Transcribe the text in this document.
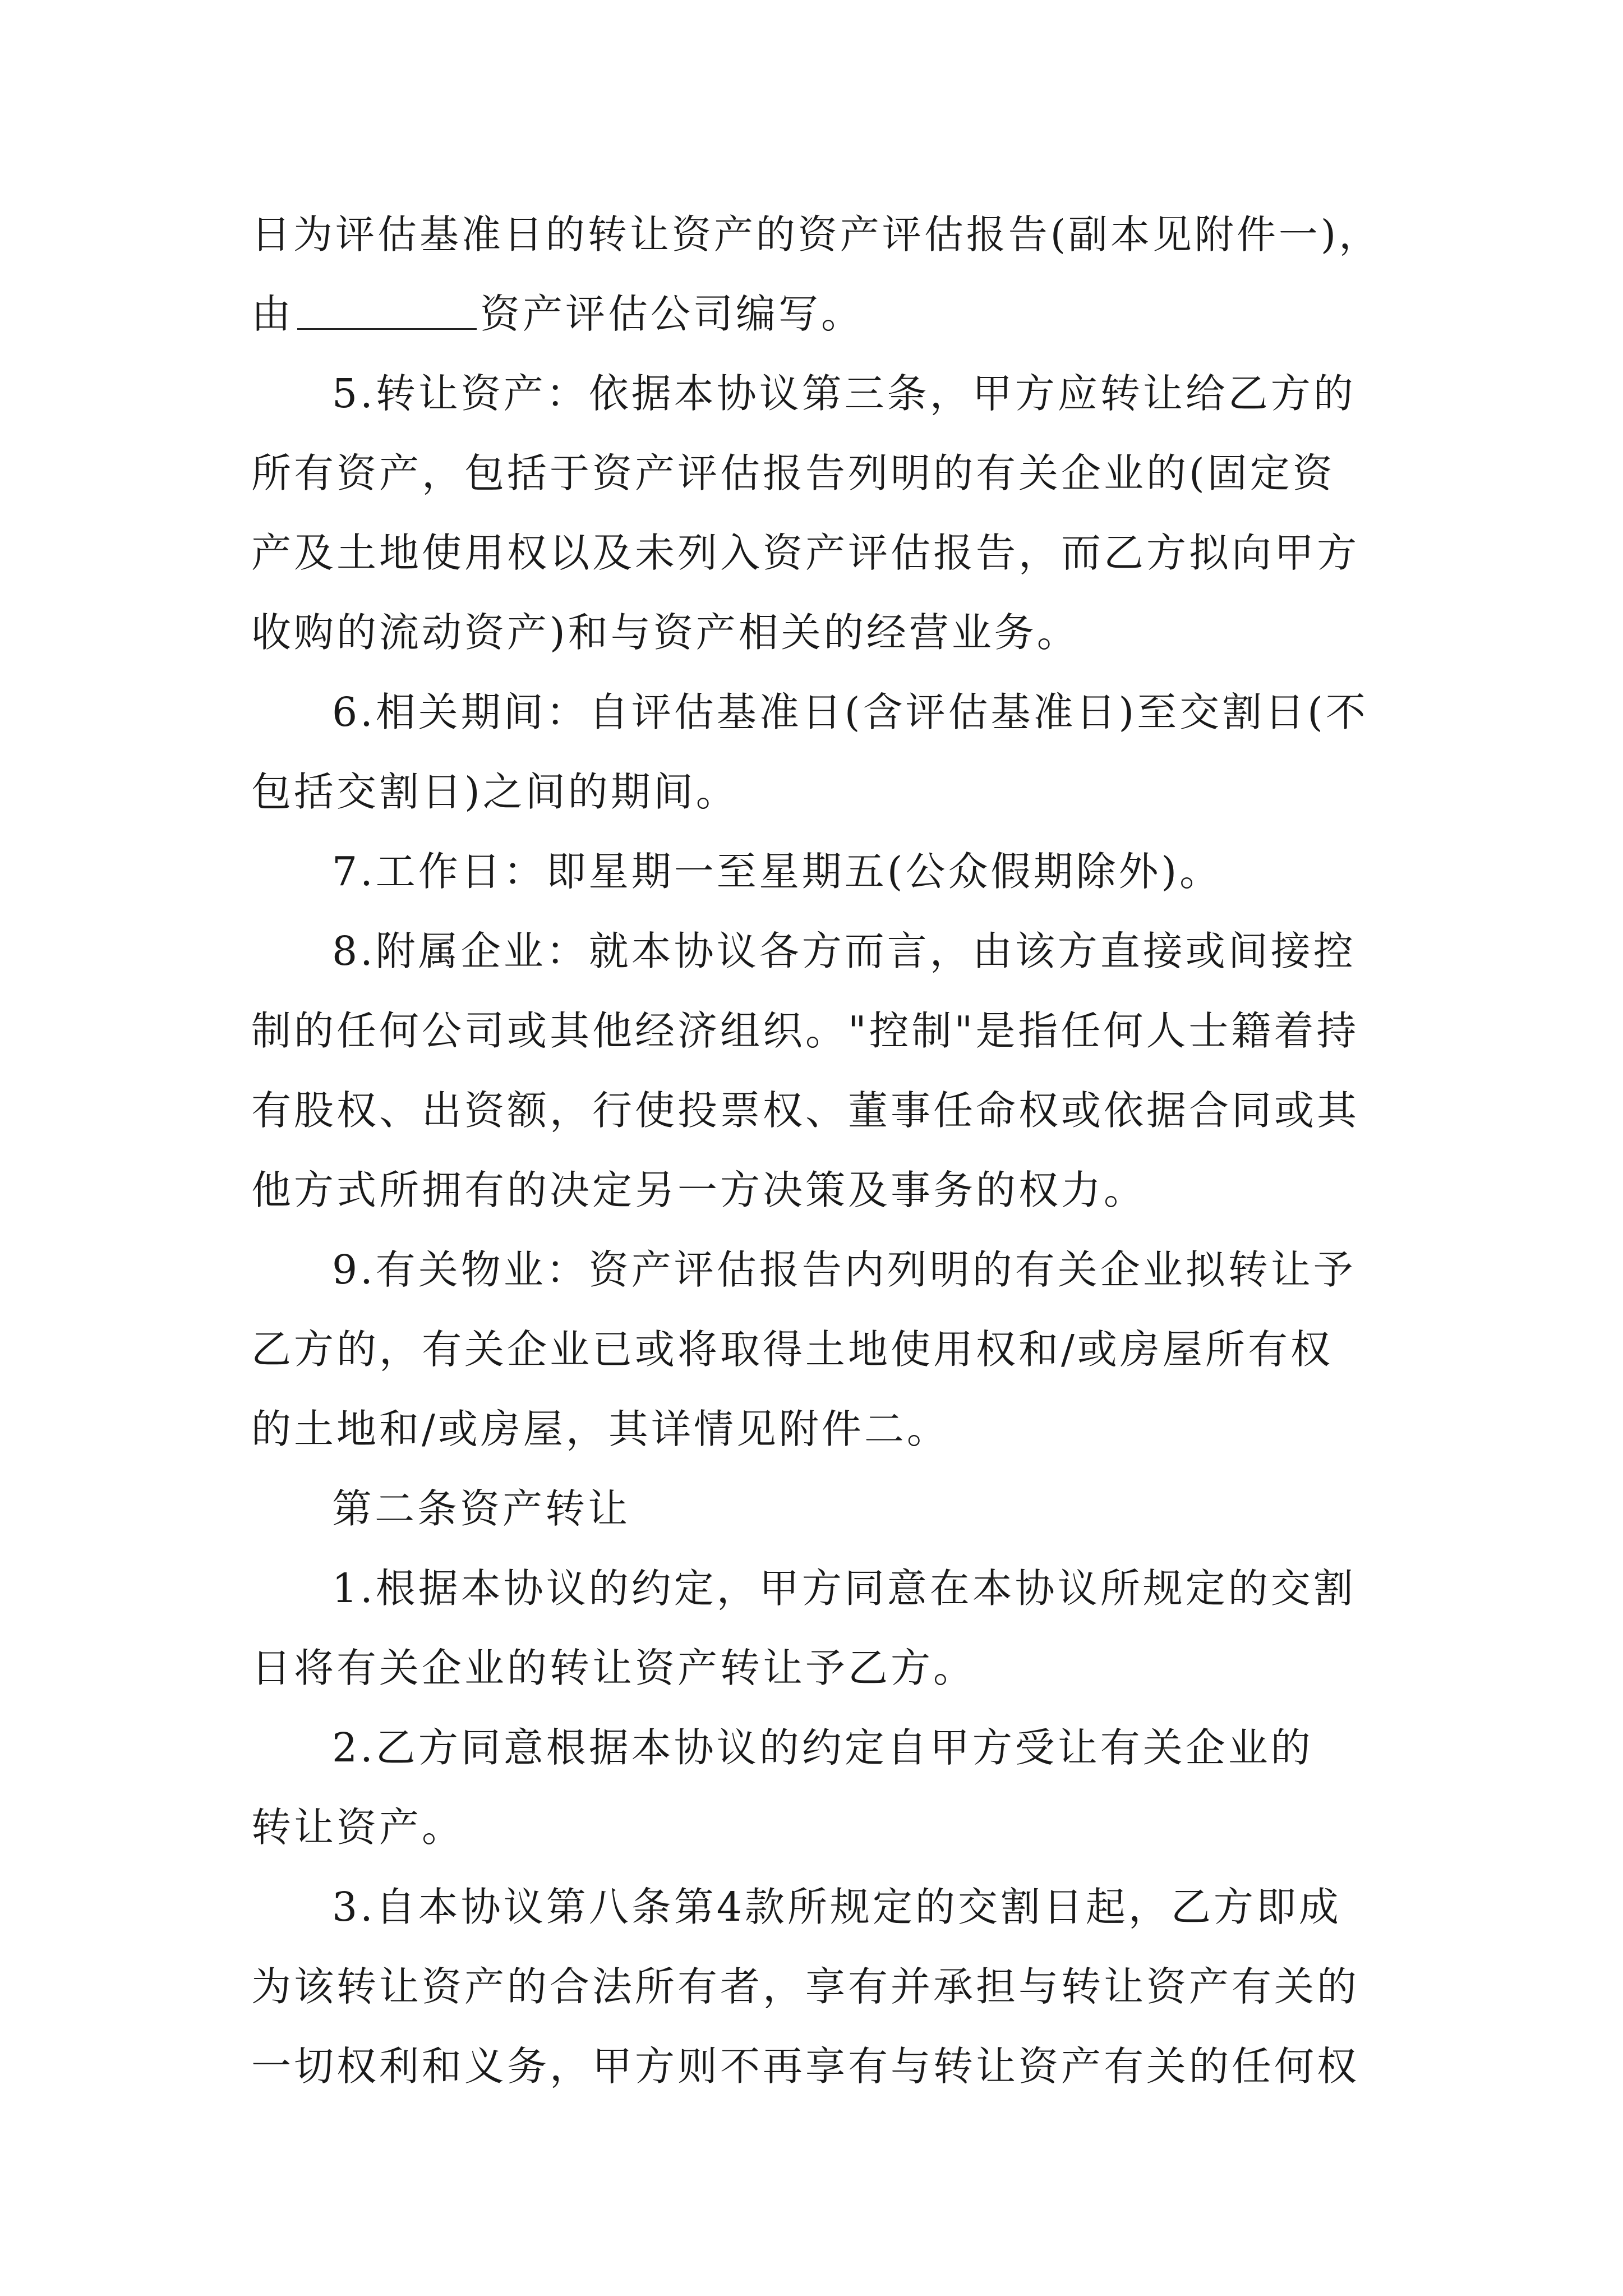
日为评估基准日的转让资产的资产评估报告(副本见附件一)，

由	资产评估公司编写。

5.转让资产：依据本协议第三条，甲方应转让给乙方的

所有资产，包括于资产评估报告列明的有关企业的(固定资

产及土地使用权以及未列入资产评估报告，而乙方拟向甲方

收购的流动资产)和与资产相关的经营业务。

6.相关期间：自评估基准日(含评估基准日)至交割日(不

包括交割日)之间的期间。

7.工作日：即星期一至星期五(公众假期除外)。

8.附属企业：就本协议各方而言，由该方直接或间接控

制的任何公司或其他经济组织。"控制"是指任何人士籍着持

有股权、出资额，行使投票权、董事任命权或依据合同或其

他方式所拥有的决定另一方决策及事务的权力。

9.有关物业：资产评估报告内列明的有关企业拟转让予

乙方的，有关企业已或将取得土地使用权和/或房屋所有权

的土地和/或房屋，其详情见附件二。

第二条资产转让

1.根据本协议的约定，甲方同意在本协议所规定的交割

日将有关企业的转让资产转让予乙方。

2.乙方同意根据本协议的约定自甲方受让有关企业的

转让资产。

3.自本协议第八条第4款所规定的交割日起，乙方即成

为该转让资产的合法所有者，享有并承担与转让资产有关的

一切权利和义务，甲方则不再享有与转让资产有关的任何权
